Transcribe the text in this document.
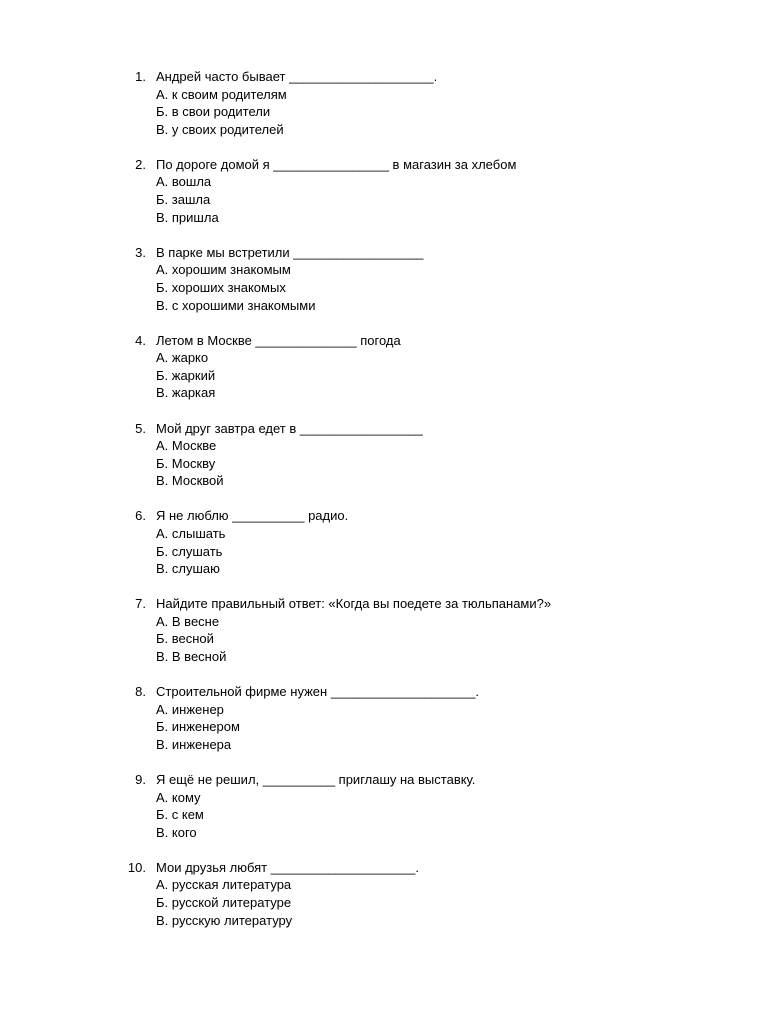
1. Андрей часто бывает ____________________.
А. к своим родителям
Б. в свои родители
В. у своих родителей
2. По дороге домой я ________________ в магазин за хлебом
А. вошла
Б. зашла
В. пришла
3. В парке мы встретили __________________
А. хорошим знакомым
Б. хороших знакомых
В. с хорошими знакомыми
4. Летом в Москве ______________ погода
А. жарко
Б. жаркий
В. жаркая
5. Мой друг завтра едет в _________________
А. Москве
Б. Москву
В. Москвой
6. Я не люблю __________ радио.
А. слышать
Б. слушать
В. слушаю
7. Найдите правильный ответ: «Когда вы поедете за тюльпанами?»
А. В весне
Б. весной
В. В весной
8. Строительной фирме нужен ____________________.
А. инженер
Б. инженером
В. инженера
9. Я ещё не решил, __________ приглашу на выставку.
А. кому
Б. с кем
В. кого
10. Мои друзья любят ____________________.
А. русская литература
Б. русской литературе
В. русскую литературу
